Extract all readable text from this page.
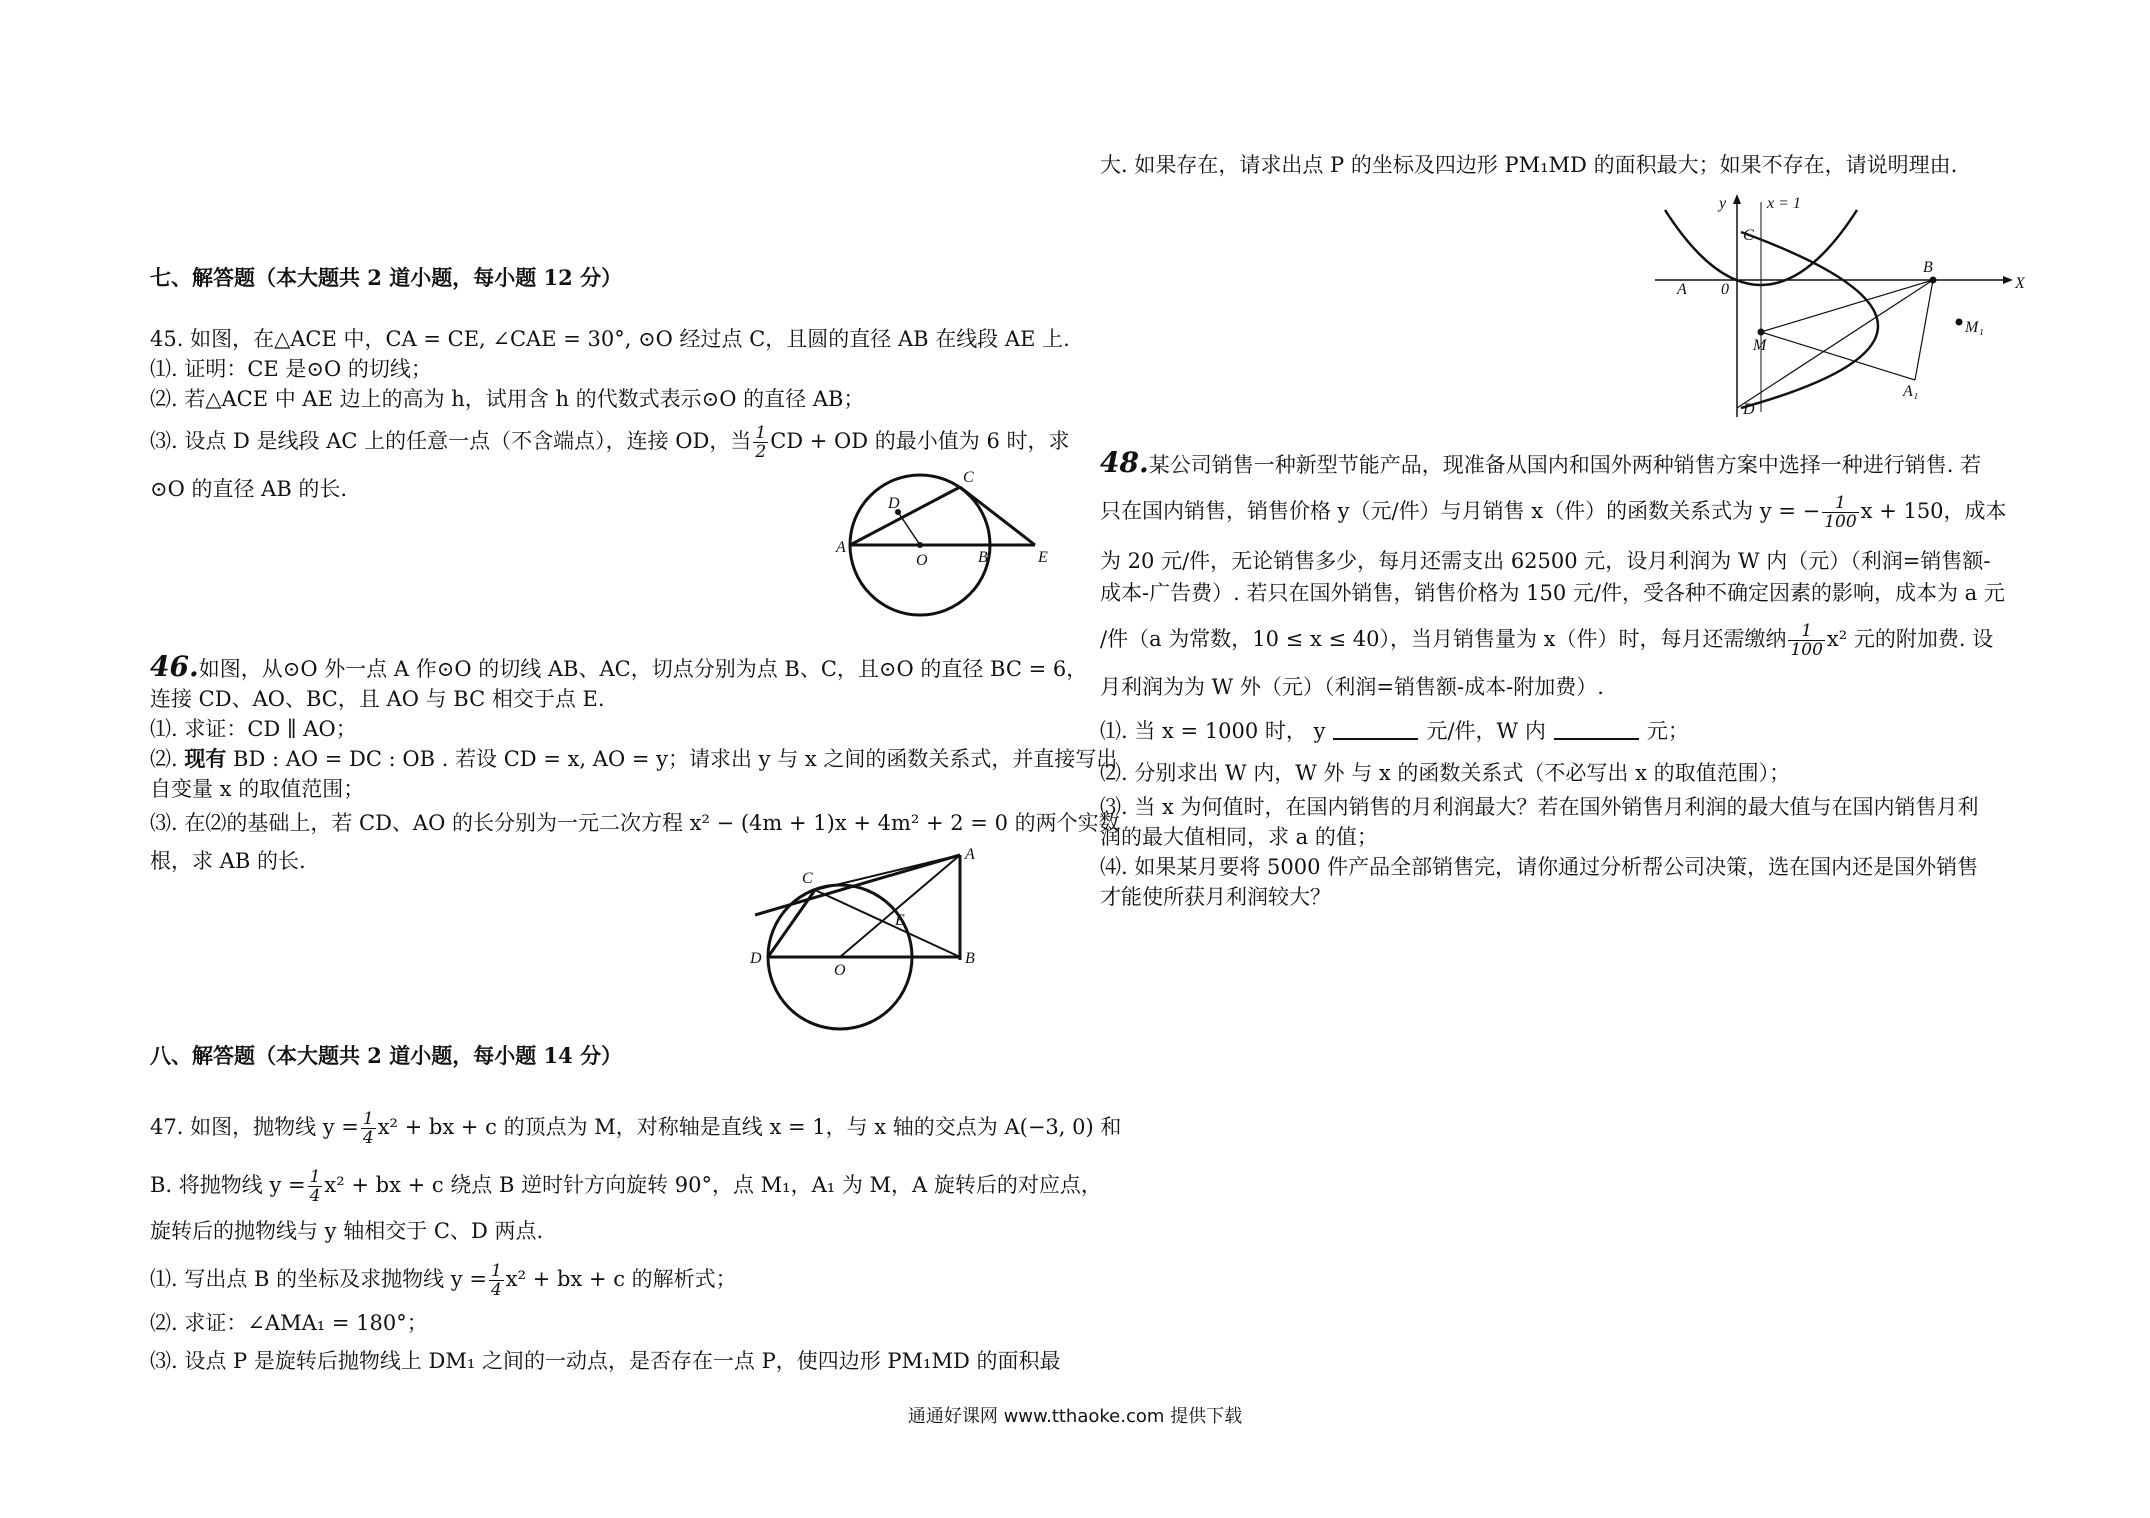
七、解答题（本大题共 2 道小题，每小题 12 分）
45. 如图，在△ACE 中，CA = CE, ∠CAE = 30°, ⊙O 经过点 C，且圆的直径 AB 在线段 AE 上.
⑴. 证明：CE 是⊙O 的切线；
⑵. 若△ACE 中 AE 边上的高为 h，试用含 h 的代数式表示⊙O 的直径 AB；
⑶. 设点 D 是线段 AC 上的任意一点（不含端点），连接 OD，当 $\frac{1}{2}$ CD + OD 的最小值为 6 时，求
⊙O 的直径 AB 的长.
A
C
D
O	B	E
46.如图，从⊙O 外一点 A 作⊙O 的切线 AB、AC，切点分别为点 B、C，且⊙O 的直径 BC = 6，
连接 CD、AO、BC，且 AO 与 BC 相交于点 E.
⑴. 求证：CD ∥ AO；
⑵. 现有 BD : AO = DC : OB . 若设 CD = x, AO = y；请求出 y 与 x 之间的函数关系式，并直接写出
自变量 x 的取值范围；
⑶. 在⑵的基础上，若 CD、AO 的长分别为一元二次方程 x² − (4m + 1)x + 4m² + 2 = 0 的两个实数
根，求 AB 的长.	A
B
C
D
O
E
八、解答题（本大题共 2 道小题，每小题 14 分）
47. 如图，抛物线 $y = \frac{1}{4} x^2$ + bx + c 的顶点为 M，对称轴是直线 x = 1，与 x 轴的交点为 A(−3, 0) 和
B. 将抛物线 $y = \frac{1}{4} x^2$ + bx + c 绕点 B 逆时针方向旋转 90°，点 M₁，A₁ 为 M，A 旋转后的对应点，
旋转后的抛物线与 y 轴相交于 C、D 两点.
⑴. 写出点 B 的坐标及求抛物线 $y = \frac{1}{4} x^2$ + bx + c 的解析式；
⑵. 求证：∠AMA₁ = 180°；
⑶. 设点 P 是旋转后抛物线上 DM₁ 之间的一动点，是否存在一点 P，使四边形 PM₁MD 的面积最
大. 如果存在，请求出点 P 的坐标及四边形 PM₁MD 的面积最大；如果不存在，请说明理由.
y	x = 1
X
0
A
B
C
D
M
M₁
A₁
48.某公司销售一种新型节能产品，现准备从国内和国外两种销售方案中选择一种进行销售. 若
只在国内销售，销售价格 y（元/件）与月销售 x（件）的函数关系式为 y = − $\frac{1}{100}$ x + 150，成本
为 20 元/件，无论销售多少，每月还需支出 62500 元，设月利润为 W 内（元）（利润=销售额-
成本-广告费）. 若只在国外销售，销售价格为 150 元/件，受各种不确定因素的影响，成本为 a 元
/件（a 为常数，10 ≤ x ≤ 40），当月销售量为 x（件）时，每月还需缴纳 $\frac{1}{100} x^2$ 元的附加费. 设
月利润为为 W 外（元）（利润=销售额-成本-附加费）.
⑴. 当 x = 1000 时， y	元/件，W 内	元；
⑵. 分别求出 W 内，W 外 与 x 的函数关系式（不必写出 x 的取值范围）；
⑶. 当 x 为何值时，在国内销售的月利润最大？若在国外销售月利润的最大值与在国内销售月利
润的最大值相同，求 a 的值；
⑷. 如果某月要将 5000 件产品全部销售完，请你通过分析帮公司决策，选在国内还是国外销售
才能使所获月利润较大？
通通好课网 www.tthaoke.com 提供下载
